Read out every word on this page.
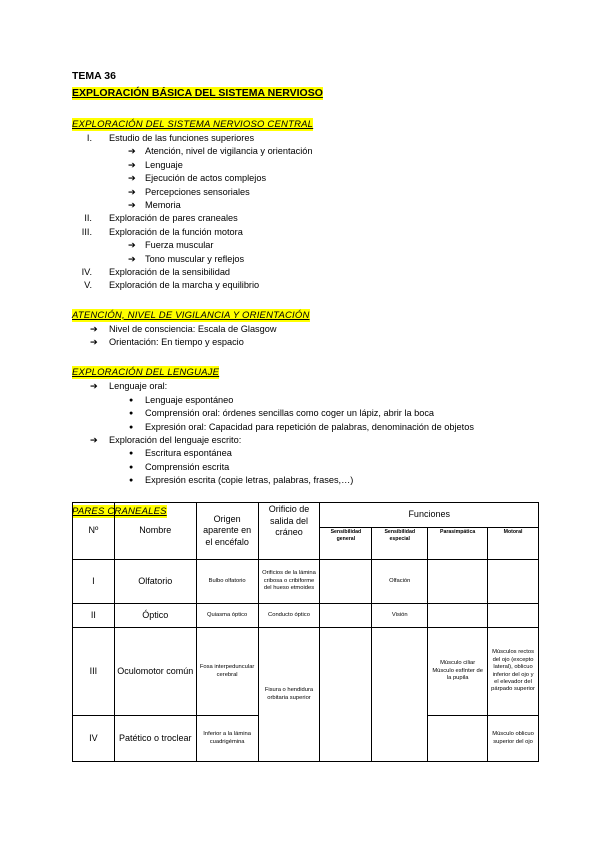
TEMA 36
EXPLORACIÓN BÁSICA DEL SISTEMA NERVIOSO
EXPLORACIÓN DEL SISTEMA NERVIOSO CENTRAL
I. Estudio de las funciones superiores
➔ Atención, nivel de vigilancia y orientación
➔ Lenguaje
➔ Ejecución de actos complejos
➔ Percepciones sensoriales
➔ Memoria
II. Exploración de pares craneales
III. Exploración de la función motora
➔ Fuerza muscular
➔ Tono muscular y reflejos
IV. Exploración de la sensibilidad
V. Exploración de la marcha y equilibrio
ATENCIÓN, NIVEL DE VIGILANCIA Y ORIENTACIÓN
➔ Nivel de consciencia: Escala de Glasgow
➔ Orientación: En tiempo y espacio
EXPLORACIÓN DEL LENGUAJE
➔ Lenguaje oral:
● Lenguaje espontáneo
● Comprensión oral: órdenes sencillas como coger un lápiz, abrir la boca
● Expresión oral: Capacidad para repetición de palabras, denominación de objetos
➔ Exploración del lenguaje escrito:
● Escritura espontánea
● Comprensión escrita
● Expresión escrita (copie letras, palabras, frases,…)
PARES CRANEALES
Nº	Nombre	Origen aparente en el encéfalo	Orificio de salida del cráneo	Funciones			
				Sensibilidad general	Sensibilidad especial	Parasimpática	Motoral
I	Olfatorio	Bulbo olfatorio	Orificios de la lámina cribosa o cribiforme del hueso etmoides		Olfación		
II	Óptico	Quiasma óptico	Conducto óptico		Visión		
III	Oculomotor común	Fosa interpeduncular cerebral	Fisura o hendidura orbitaria superior			Músculo ciliar Músculo esfínter de la pupila	Músculos rectos del ojo (excepto lateral), oblicuo inferior del ojo y el elevador del párpado superior
IV	Patético o troclear	Inferior a la lámina cuadrigémina					Músculo oblicuo superior del ojo
